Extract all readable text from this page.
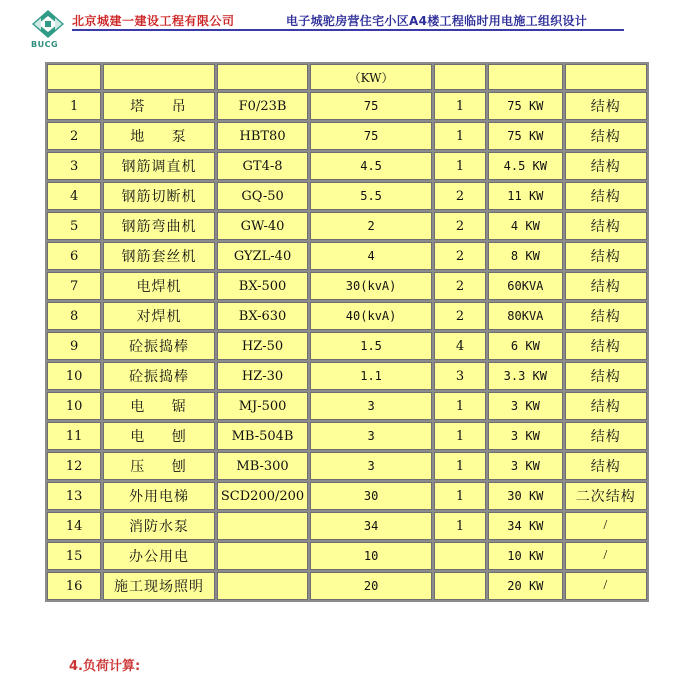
BUCG
北京城建一建设工程有限公司	电子城驼房营住宅小区A4楼工程临时用电施工组织设计
			（KW）			
1	塔 吊	F0/23B	75	1	75 KW	结构
2	地 泵	HBT80	75	1	75 KW	结构
3	钢筋调直机	GT4-8	4.5	1	4.5 KW	结构
4	钢筋切断机	GQ-50	5.5	2	11 KW	结构
5	钢筋弯曲机	GW-40	2	2	4 KW	结构
6	钢筋套丝机	GYZL-40	4	2	8 KW	结构
7	电焊机	BX-500	30(kvA)	2	60KVA	结构
8	对焊机	BX-630	40(kvA)	2	80KVA	结构
9	砼振捣棒	HZ-50	1.5	4	6 KW	结构
10	砼振捣棒	HZ-30	1.1	3	3.3 KW	结构
10	电 锯	MJ-500	3	1	3 KW	结构
11	电 刨	MB-504B	3	1	3 KW	结构
12	压 刨	MB-300	3	1	3 KW	结构
13	外用电梯	SCD200/200	30	1	30 KW	二次结构
14	消防水泵		34	1	34 KW	/
15	办公用电		10		10 KW	/
16	施工现场照明		20		20 KW	/
4.负荷计算:
